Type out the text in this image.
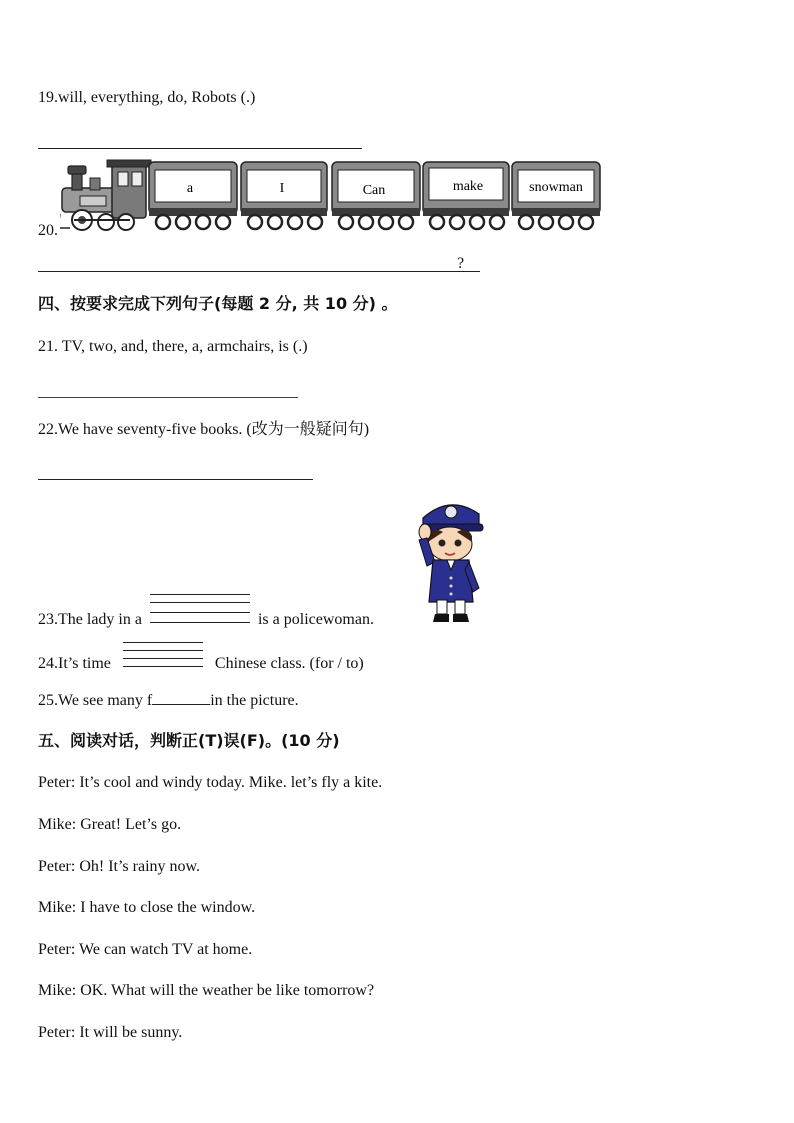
19.will, everything, do, Robots (.)
20.
a	I	Can	make	snowman
?
四、按要求完成下列句子(每题 2 分, 共 10 分) 。
21. TV, two, and, there, a, armchairs, is (.)
22.We have seventy-five books. (改为一般疑问句)
23.The lady in a	is a policewoman.
24.It’s time	Chinese class. (for / to)
25.We see many f	in the picture.
五、阅读对话，判断正(T)误(F)。(10 分)
Peter: It’s cool and windy today. Mike. let’s fly a kite.
Mike: Great! Let’s go.
Peter: Oh! It’s rainy now.
Mike: I have to close the window.
Peter: We can watch TV at home.
Mike: OK. What will the weather be like tomorrow?
Peter: It will be sunny.
